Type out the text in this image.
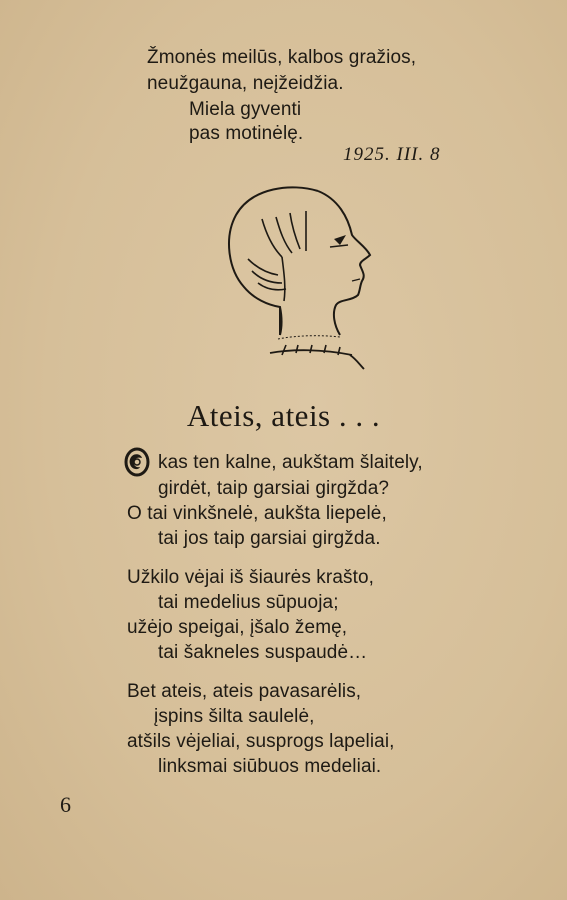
Žmonės meilūs, kalbos gražios,
neužgauna, neįžeidžia.
Miela gyventi
pas motinėlę.
1925. III. 8
Ateis, ateis . . .
kas ten kalne, aukštam šlaitely,
girdėt, taip garsiai girgžda?
O tai vinkšnelė, aukšta liepelė,
tai jos taip garsiai girgžda.
Užkilo vėjai iš šiaurės krašto,
tai medelius sūpuoja;
užėjo speigai, įšalo žemę,
tai šakneles suspaudė…
Bet ateis, ateis pavasarėlis,
įspins šilta saulelė,
atšils vėjeliai, susprogs lapeliai,
linksmai siūbuos medeliai.
6
